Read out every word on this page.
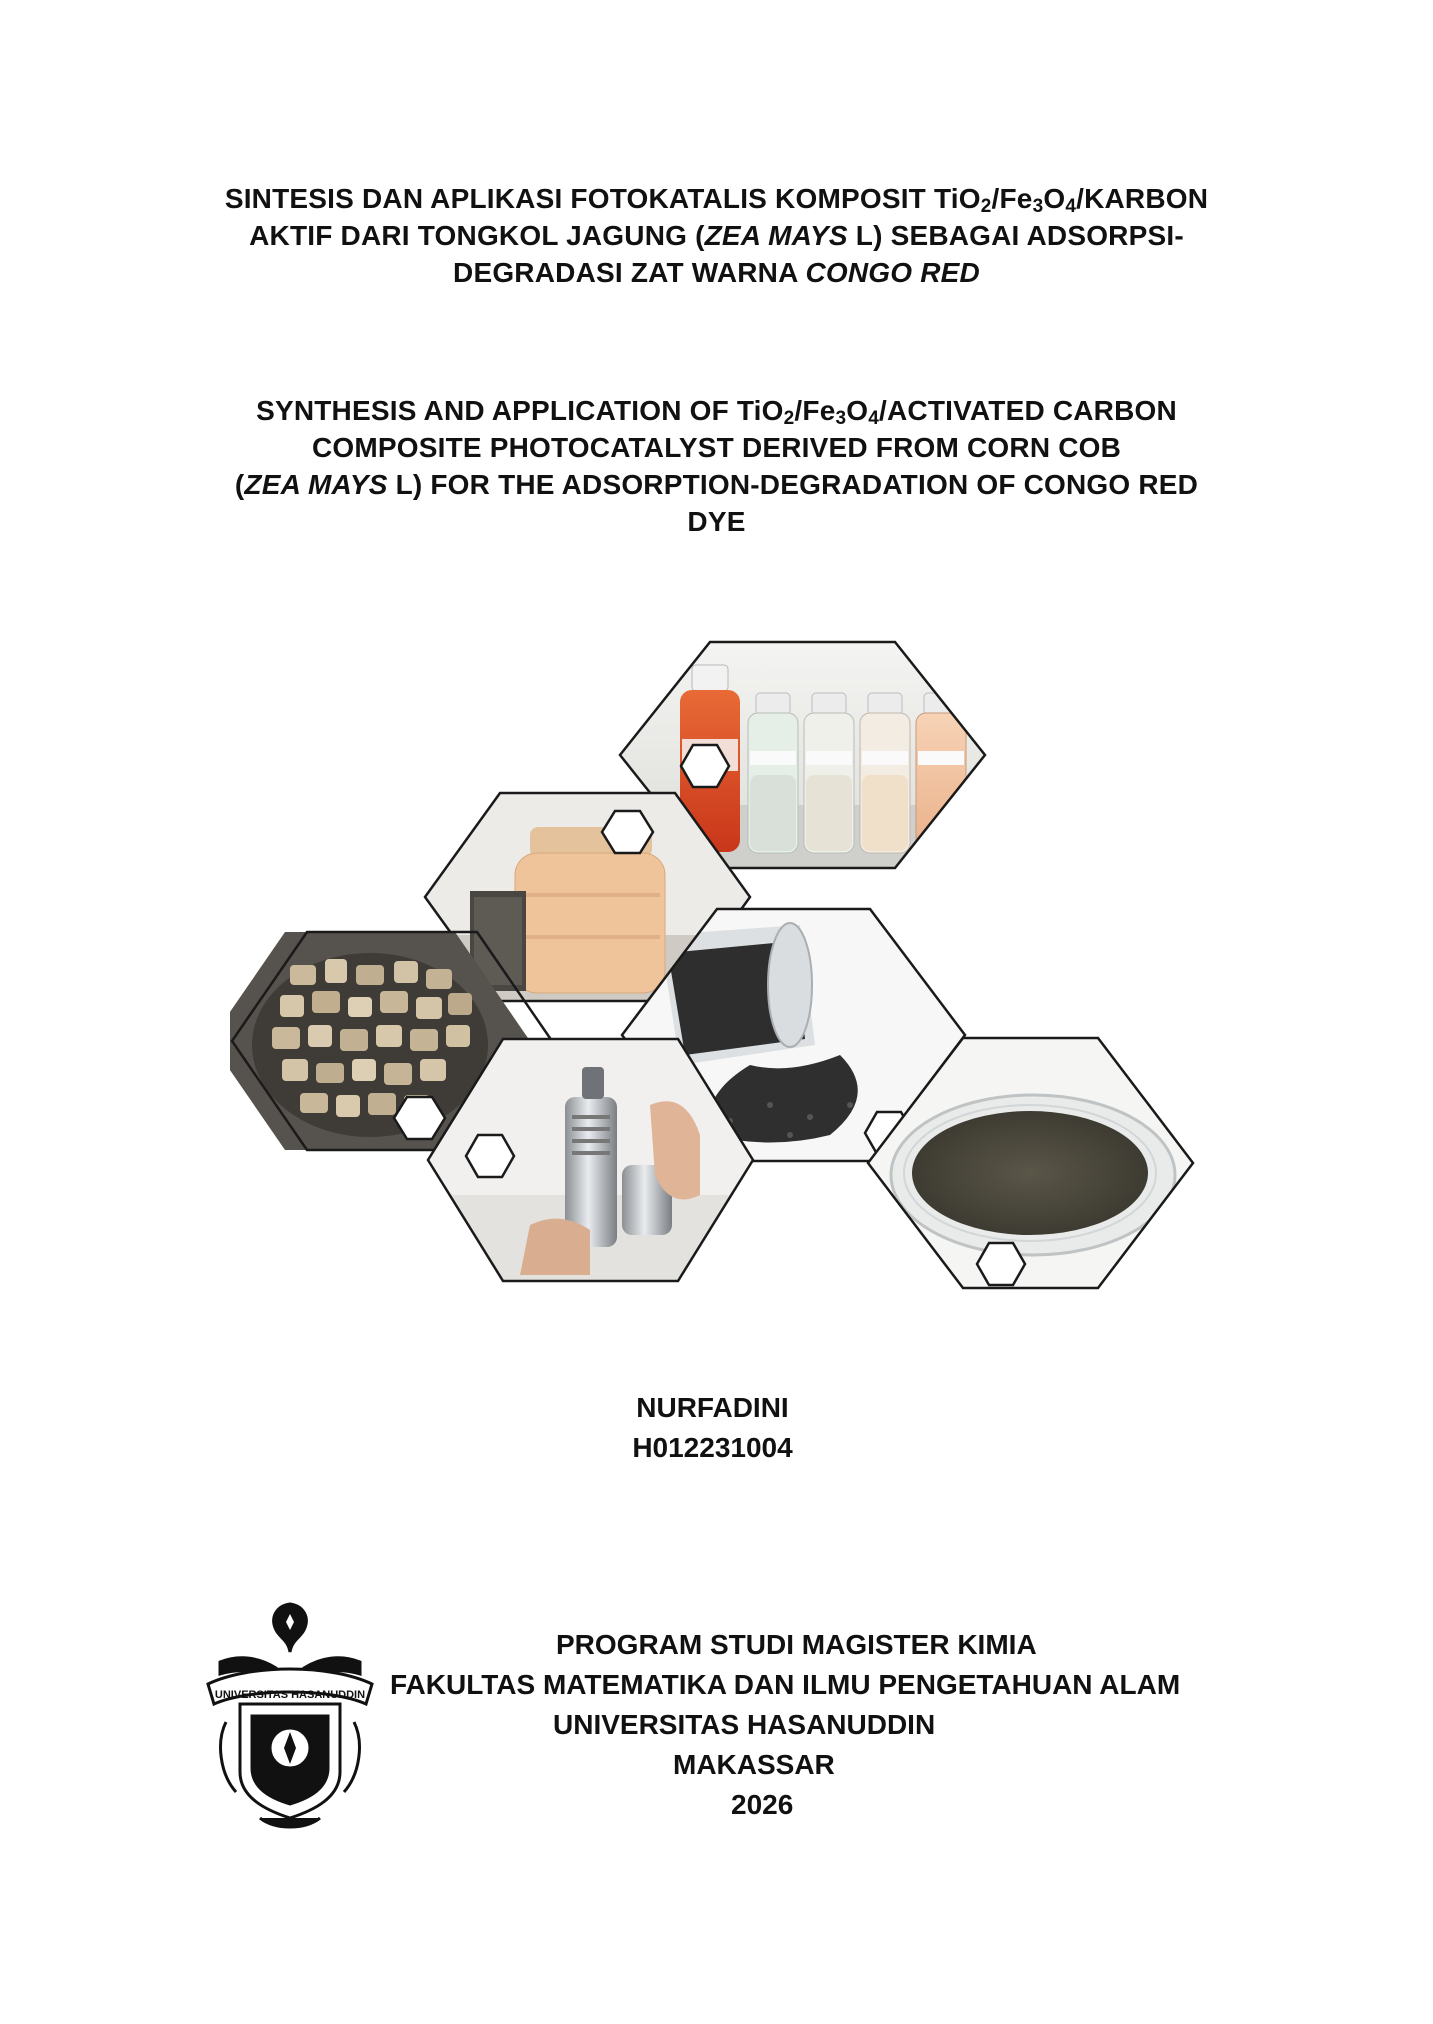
SINTESIS DAN APLIKASI FOTOKATALIS KOMPOSIT $TiO_2/Fe_3O_4$/KARBON
AKTIF DARI TONGKOL JAGUNG (ZEA MAYS L) SEBAGAI ADSORPSI-
DEGRADASI ZAT WARNA CONGO RED
SYNTHESIS AND APPLICATION OF $TiO_2/Fe_3O_4$/ACTIVATED CARBON
COMPOSITE PHOTOCATALYST DERIVED FROM CORN COB
(ZEA MAYS L) FOR THE ADSORPTION-DEGRADATION OF CONGO RED
DYE
NURFADINI
H012231004
UNIVERSITAS HASANUDDIN
PROGRAM STUDI MAGISTER KIMIA
FAKULTAS MATEMATIKA DAN ILMU PENGETAHUAN ALAM
UNIVERSITAS HASANUDDIN
MAKASSAR
2026
